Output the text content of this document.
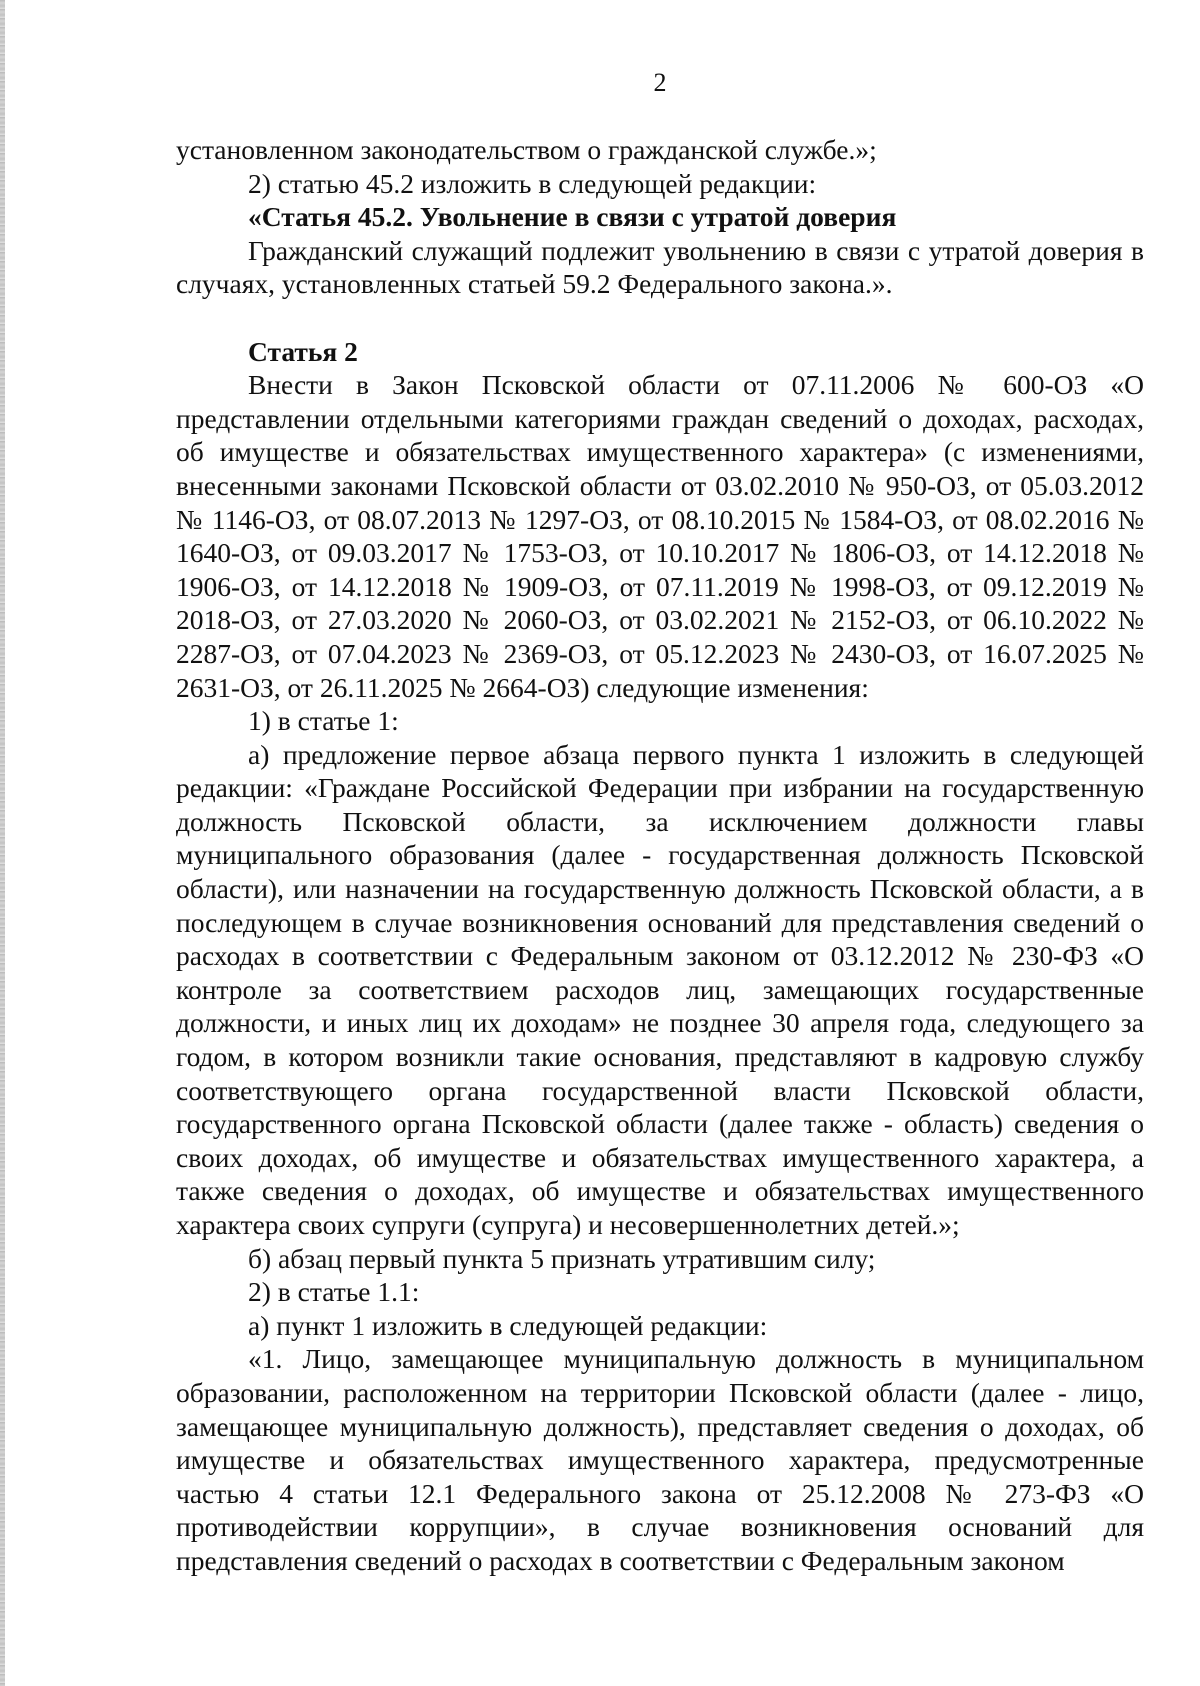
2

установленном законодательством о гражданской службе.»;

2) статью 45.2 изложить в следующей редакции:

«Статья 45.2. Увольнение в связи с утратой доверия

Гражданский служащий подлежит увольнению в связи с утратой доверия в случаях, установленных статьей 59.2 Федерального закона.».

Статья 2

Внести в Закон Псковской области от 07.11.2006 № 600-ОЗ «О представлении отдельными категориями граждан сведений о доходах, расходах, об имуществе и обязательствах имущественного характера» (с изменениями, внесенными законами Псковской области от 03.02.2010 № 950-ОЗ, от 05.03.2012 № 1146-ОЗ, от 08.07.2013 № 1297-ОЗ, от 08.10.2015 № 1584-ОЗ, от 08.02.2016 № 1640-ОЗ, от 09.03.2017 № 1753-ОЗ, от 10.10.2017 № 1806-ОЗ, от 14.12.2018 № 1906-ОЗ, от 14.12.2018 № 1909-ОЗ, от 07.11.2019 № 1998-ОЗ, от 09.12.2019 № 2018-ОЗ, от 27.03.2020 № 2060-ОЗ, от 03.02.2021 № 2152-ОЗ, от 06.10.2022 № 2287-ОЗ, от 07.04.2023 № 2369-ОЗ, от 05.12.2023 № 2430-ОЗ, от 16.07.2025 № 2631-ОЗ, от 26.11.2025 № 2664-ОЗ) следующие изменения:

1) в статье 1:

а) предложение первое абзаца первого пункта 1 изложить в следующей редакции: «Граждане Российской Федерации при избрании на государственную должность Псковской области, за исключением должности главы муниципального образования (далее - государственная должность Псковской области), или назначении на государственную должность Псковской области, а в последующем в случае возникновения оснований для представления сведений о расходах в соответствии с Федеральным законом от 03.12.2012 № 230-ФЗ «О контроле за соответствием расходов лиц, замещающих государственные должности, и иных лиц их доходам» не позднее 30 апреля года, следующего за годом, в котором возникли такие основания, представляют в кадровую службу соответствующего органа государственной власти Псковской области, государственного органа Псковской области (далее также - область) сведения о своих доходах, об имуществе и обязательствах имущественного характера, а также сведения о доходах, об имуществе и обязательствах имущественного характера своих супруги (супруга) и несовершеннолетних детей.»;

б) абзац первый пункта 5 признать утратившим силу;

2) в статье 1.1:

а) пункт 1 изложить в следующей редакции:

«1. Лицо, замещающее муниципальную должность в муниципальном образовании, расположенном на территории Псковской области (далее - лицо, замещающее муниципальную должность), представляет сведения о доходах, об имуществе и обязательствах имущественного характера, предусмотренные частью 4 статьи 12.1 Федерального закона от 25.12.2008 № 273-ФЗ «О противодействии коррупции», в случае возникновения оснований для представления сведений о расходах в соответствии с Федеральным законом
